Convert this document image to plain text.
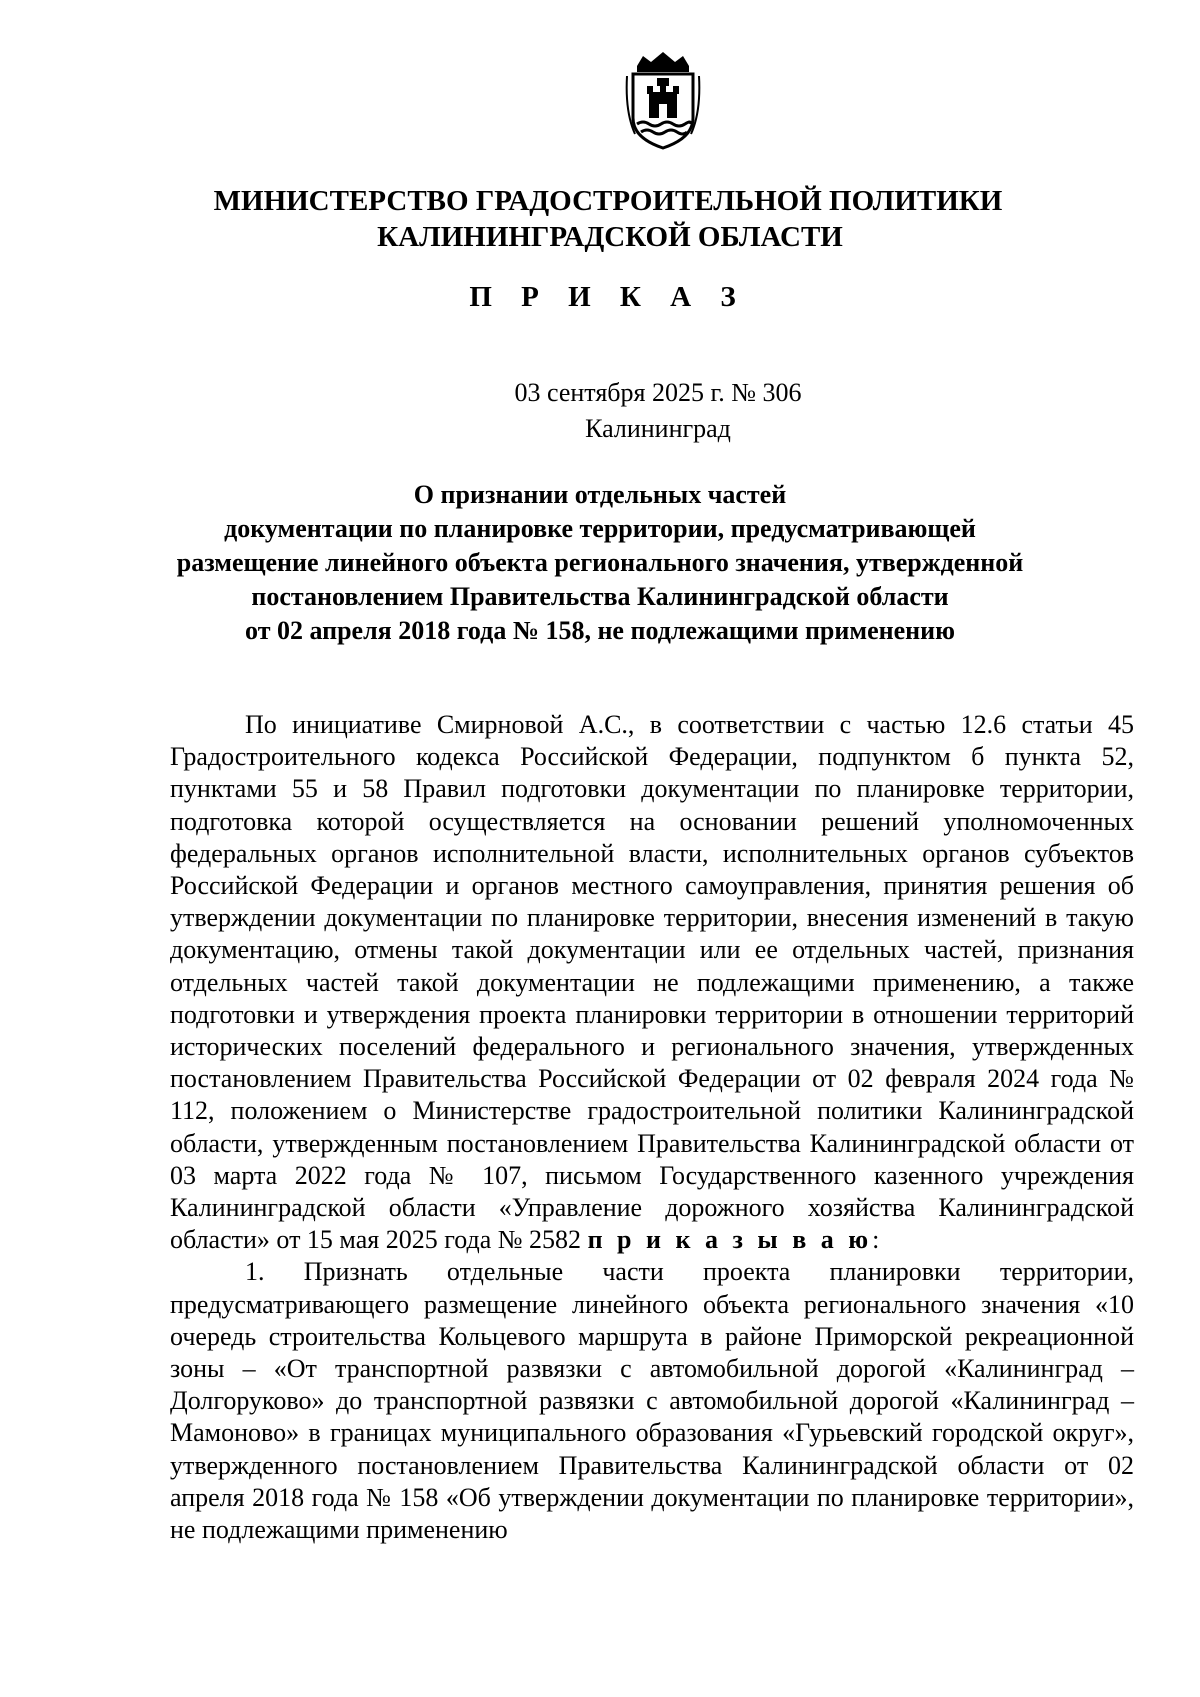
МИНИСТЕРСТВО ГРАДОСТРОИТЕЛЬНОЙ ПОЛИТИКИ
КАЛИНИНГРАДСКОЙ ОБЛАСТИ
П Р И К А З
03 сентября 2025 г. № 306
Калининград
О признании отдельных частей
документации по планировке территории, предусматривающей
размещение линейного объекта регионального значения, утвержденной
постановлением Правительства Калининградской области
от 02 апреля 2018 года № 158, не подлежащими применению

По инициативе Смирновой А.С., в соответствии с частью 12.6 статьи 45 Градостроительного кодекса Российской Федерации, подпунктом б пункта 52, пунктами 55 и 58 Правил подготовки документации по планировке территории, подготовка которой осуществляется на основании решений уполномоченных федеральных органов исполнительной власти, исполнительных органов субъектов Российской Федерации и органов местного самоуправления, принятия решения об утверждении документации по планировке территории, внесения изменений в такую документацию, отмены такой документации или ее отдельных частей, признания отдельных частей такой документации не подлежащими применению, а также подготовки и утверждения проекта планировки территории в отношении территорий исторических поселений федерального и регионального значения, утвержденных постановлением Правительства Российской Федерации от 02 февраля 2024 года № 112, положением о Министерстве градостроительной политики Калининградской области, утвержденным постановлением Правительства Калининградской области от 03 марта 2022 года № 107, письмом Государственного казенного учреждения Калининградской области «Управление дорожного хозяйства Калининградской области» от 15 мая 2025 года № 2582 п р и к а з ы в а ю:

1. Признать отдельные части проекта планировки территории, предусматривающего размещение линейного объекта регионального значения «10 очередь строительства Кольцевого маршрута в районе Приморской рекреационной зоны – «От транспортной развязки с автомобильной дорогой «Калининград – Долгоруково» до транспортной развязки с автомобильной дорогой «Калининград – Мамоново» в границах муниципального образования «Гурьевский городской округ», утвержденного постановлением Правительства Калининградской области от 02 апреля 2018 года № 158 «Об утверждении документации по планировке территории», не подлежащими применению
